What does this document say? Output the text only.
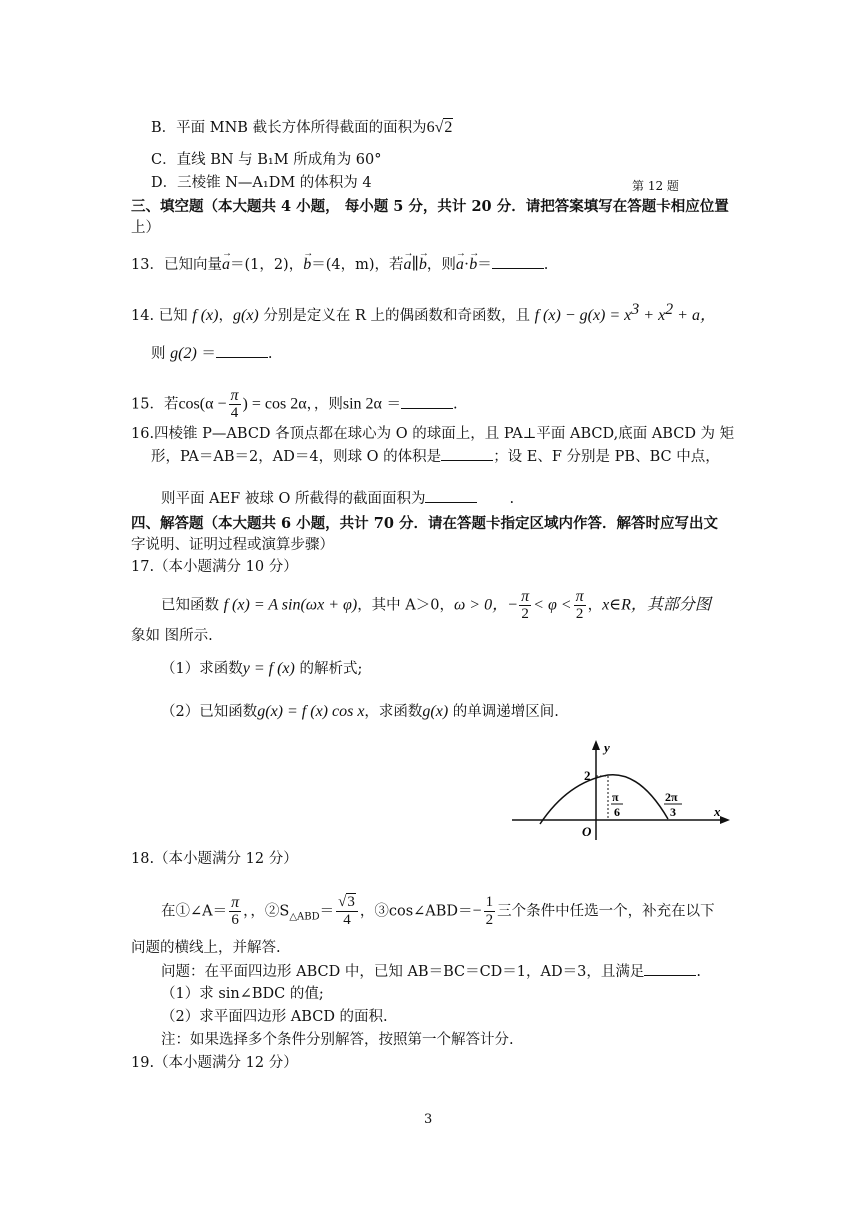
B．平面 MNB 截长方体所得截面的面积为6√2
C．直线 BN 与 B₁M 所成角为 60°
D．三棱锥 N—A₁DM 的体积为 4	第 12 题
三、填空题（本大题共 4 小题， 每小题 5 分，共计 20 分．请把答案填写在答题卡相应位置
上）
13．已知向量→ a＝(1，2)，→ b＝(4，m)，若→ a∥→ b，则→ a·→ b＝	.
14. 已知 f (x)，g(x) 分别是定义在 R 上的偶函数和奇函数，且 f $(x) - g(x) = x^3 + x^2 + a$，
则 g(2) ＝	.
15．若$\cos(\alpha - \frac{\pi}{4}$ ) = cos 2α，，则sin 2α ＝	.
16.四棱锥 P—ABCD 各顶点都在球心为 O 的球面上，且 PA⊥平面 ABCD,底面 ABCD 为 矩
形，PA＝AB＝2，AD＝4，则球 O 的体积是	；设 E、F 分别是 PB、BC 中点，
则平面 AEF 被球 O 所截得的截面面积为	.
四、解答题（本大题共 6 小题，共计 70 分．请在答题卡指定区域内作答．解答时应写出文
字说明、证明过程或演算步骤）
17.（本小题满分 10 分）
已知函数 f (x) = A sin(ωx + φ)，其中 A＞0，ω > 0，− $\frac{\pi}{2} < \varphi < \frac{\pi}{2}$ ，x∈R，其部分图
象如 图所示.
（1）求函数y = f (x) 的解析式;
（2）已知函数g(x) = f (x) cos x，求函数g(x) 的单调递增区间.
y
x
O
2
π
6
2π
3
18.（本小题满分 12 分）
在①∠A＝ $\frac{\pi}{6}$ ，，$②S_{\triangle ABD}= \frac{√3}{4}$ ，③cos∠ABD＝− $\frac{1}{2}$ 三个条件中任选一个，补充在以下
问题的横线上，并解答.
问题：在平面四边形 ABCD 中，已知 AB＝BC＝CD＝1，AD＝3，且满足	.
（1）求 sin∠BDC 的值;
（2）求平面四边形 ABCD 的面积.
注：如果选择多个条件分别解答，按照第一个解答计分.
19.（本小题满分 12 分）
3
